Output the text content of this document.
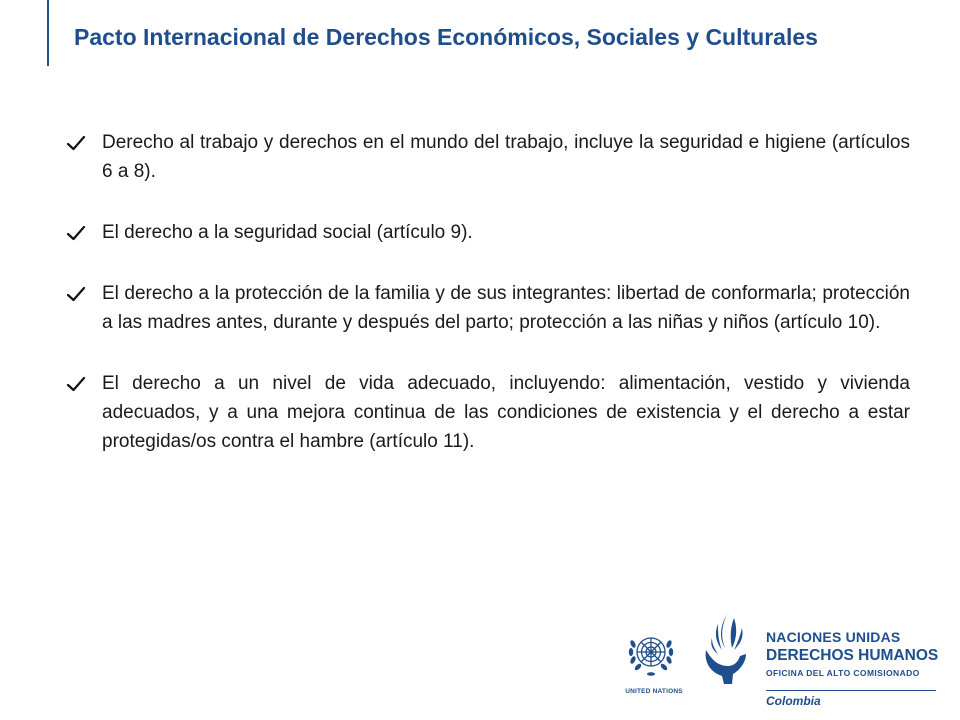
Pacto Internacional de Derechos Económicos, Sociales y Culturales
Derecho al trabajo y derechos en el mundo del trabajo, incluye la seguridad e higiene (artículos 6 a 8).
El derecho a la seguridad social (artículo 9).
El derecho a la protección de la familia y de sus integrantes: libertad de conformarla; protección a las madres antes, durante y después del parto; protección a las niñas y niños (artículo 10).
El derecho a un nivel de vida adecuado, incluyendo: alimentación, vestido y vivienda adecuados, y a una mejora continua de las condiciones de existencia y el derecho a estar protegidas/os contra el hambre (artículo 11).
UNITED NATIONS
NACIONES UNIDAS
DERECHOS HUMANOS
OFICINA DEL ALTO COMISIONADO
Colombia
